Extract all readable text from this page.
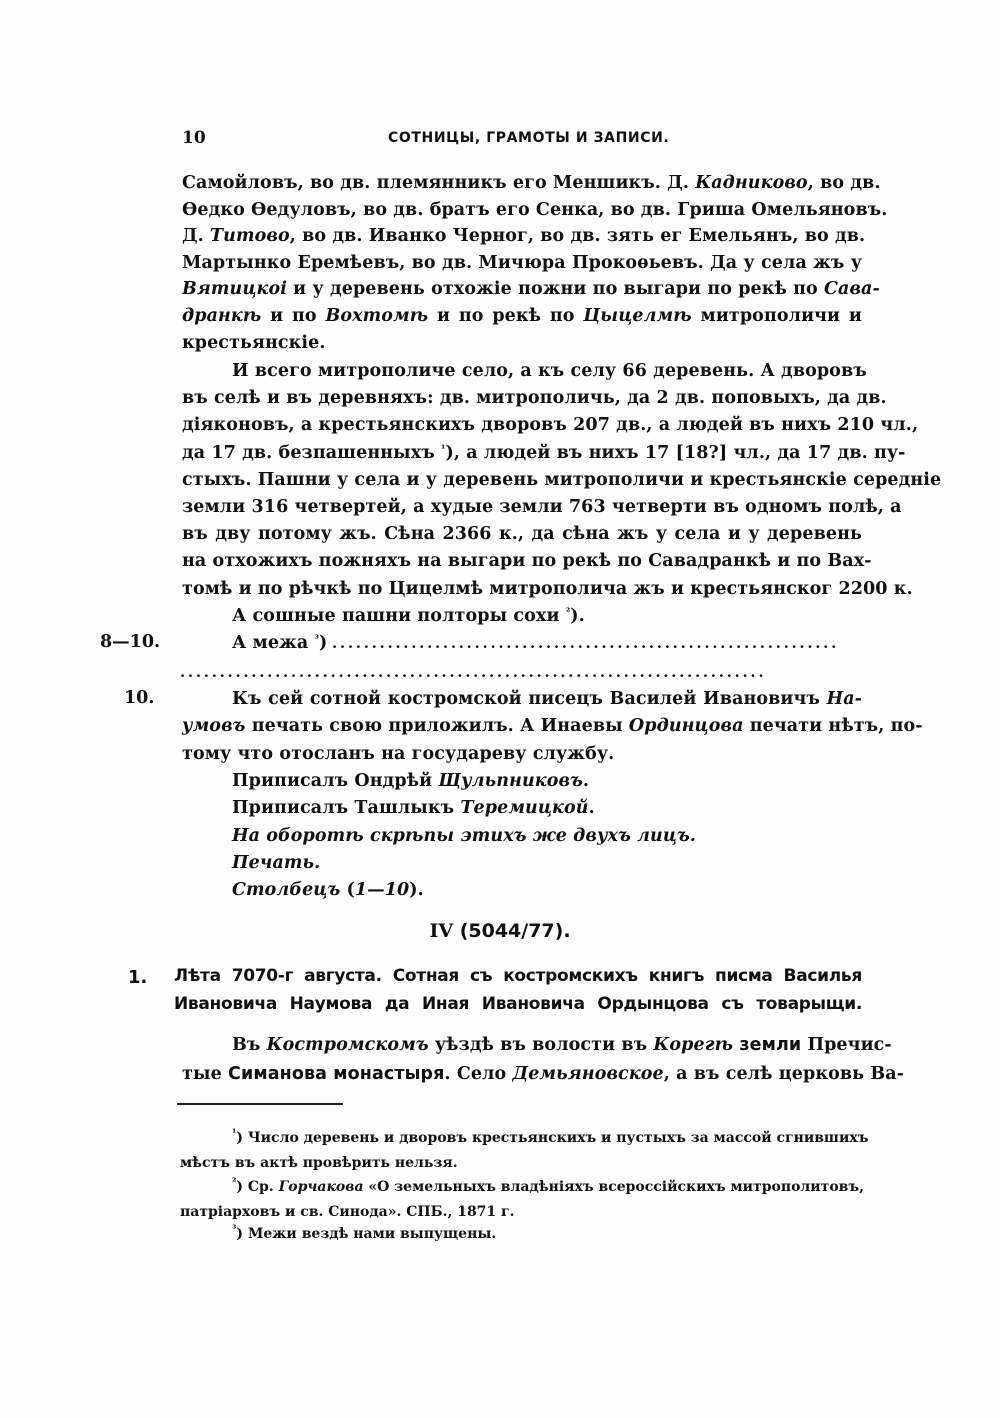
10	СОТНИЦЫ, ГРАМОТЫ И ЗАПИСИ.
Самойловъ, во дв. племянникъ его Меншикъ. Д. Кадниково, во дв.
Ѳедко Ѳедуловъ, во дв. братъ его Сенка, во дв. Гриша Омельяновъ.
Д. Титово, во дв. Иванко Черног, во дв. зять ег Емельянъ, во дв.
Мартынко Еремѣевъ, во дв. Мичюра Прокоѳьевъ. Да у села жъ у
Вятицкоі и у деревень отхожіе пожни по выгари по рекѣ по Сава-
дранкѣ и по Вохтомѣ и по рекѣ по Цыцелмѣ митрополичи и
крестьянскіе.
И всего митрополиче село, а къ селу 66 деревень. А дворовъ
въ селѣ и въ деревняхъ: дв. митрополичь, да 2 дв. поповыхъ, да дв.
діяконовъ, а крестьянскихъ дворовъ 207 дв., а людей въ нихъ 210 чл.,
да 17 дв. безпашенныхъ $^{^1}$), а людей въ нихъ 17 [18?] чл., да 17 дв. пу-
стыхъ. Пашни у села и у деревень митрополичи и крестьянскіе середніе
земли 316 четвертей, а худые земли 763 четверти въ одномъ полѣ, а
въ дву потому жъ. Сѣна 2366 к., да сѣна жъ у села и у деревень
на отхожихъ пожняхъ на выгари по рекѣ по Савадранкѣ и по Вах-
томѣ и по рѣчкѣ по Цицелмѣ митрополича жъ и крестьянског 2200 к.
А сошные пашни полторы сохи $^{^2}$).
8—10.	А межа $^{^3}$) ................................................................
..........................................................................
10.	Къ сей сотной костромской писецъ Василей Ивановичъ На-
умовъ печать свою приложилъ. А Инаевы Ординцова печати нѣтъ, по-
тому что отосланъ на государеву службу.
Приписалъ Ондрѣй Щульпниковъ.
Приписалъ Ташлыкъ Теремицкой.
На оборотѣ скрѣпы этихъ же двухъ лицъ.
Печать.
Столбецъ (1—10).
IV (5044/77).
1. Лѣта 7070-г августа. Сотная съ костромскихъ книгъ писма Василья
Ивановича Наумова да Иная Ивановича Ордынцова съ товарыщи.
Въ Костромскомъ уѣздѣ въ волости въ Корегѣ земли Пречис-
тые Симанова монастыря. Село Демьяновское, а въ селѣ церковь Ва-
$^{^1}$) Число деревень и дворовъ крестьянскихъ и пустыхъ за массой сгнившихъ
мѣстъ въ актѣ провѣрить нельзя.
$^{^2}$) Ср. Горчакова «О земельныхъ владѣніяхъ всероссійскихъ митрополитовъ,
патріарховъ и св. Синода». СПБ., 1871 г.
$^{^3}$) Межи вездѣ нами выпущены.
